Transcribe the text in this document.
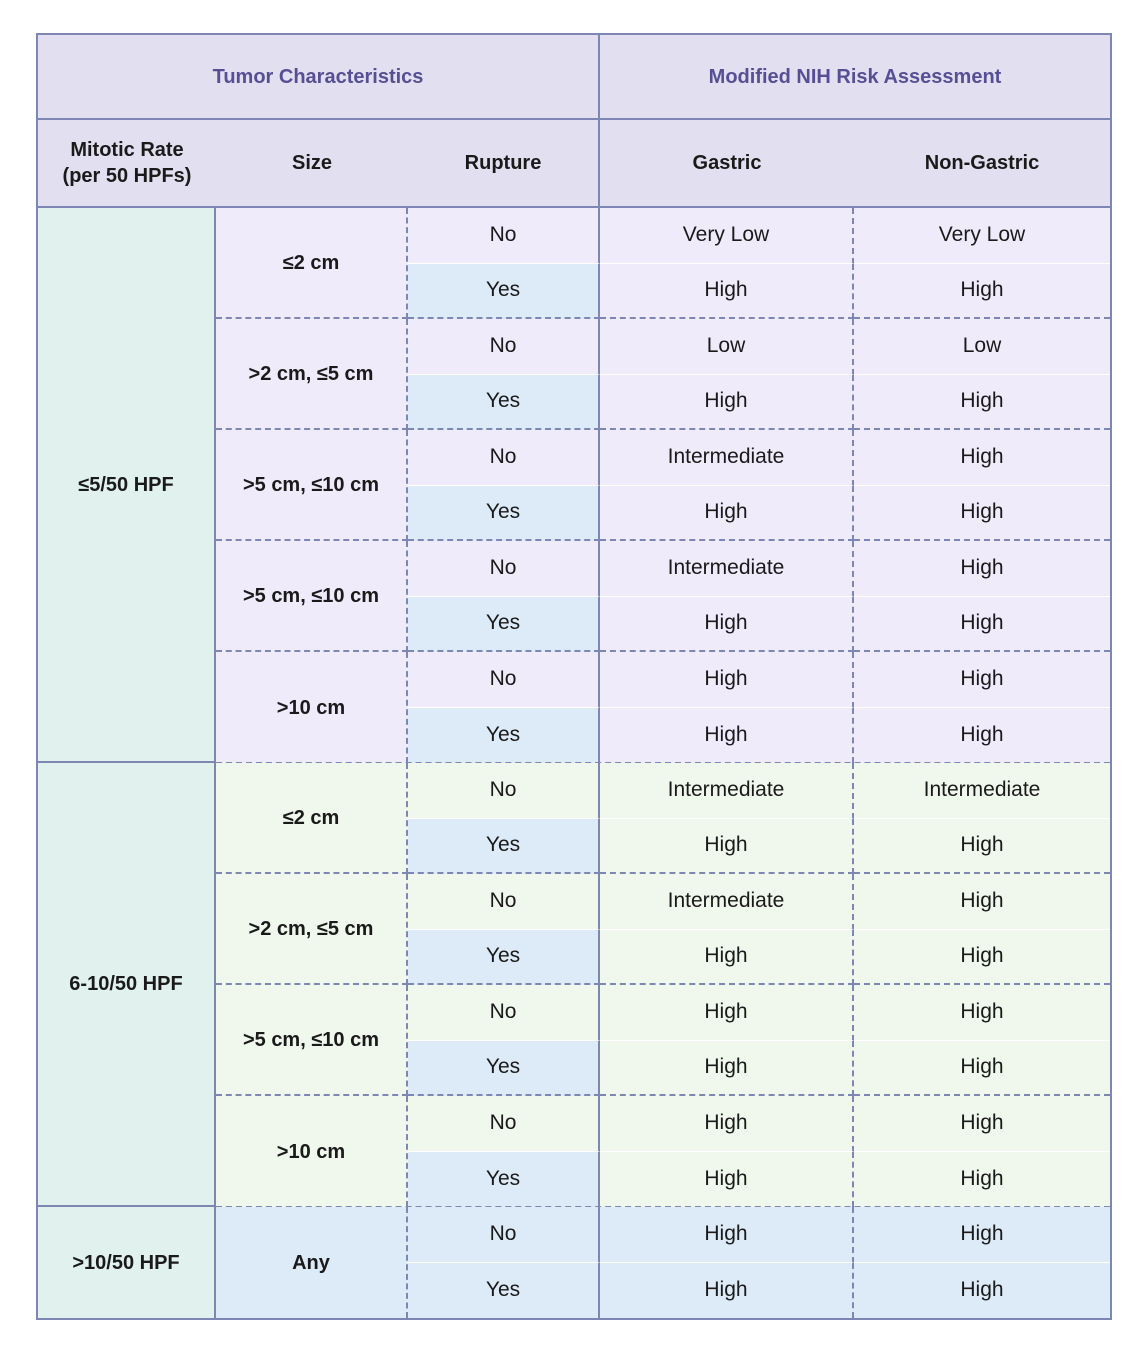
Tumor Characteristics	Modified NIH Risk Assessment
Mitotic Rate
(per 50 HPFs)
Size	Rupture	Gastric	Non-Gastric
≤5/50 HPF
≤2 cm
No	Very Low	Very Low
Yes	High	High
>2 cm, ≤5 cm
No	Low	Low
Yes	High	High
>5 cm, ≤10 cm
No	Intermediate	High
Yes	High	High
>5 cm, ≤10 cm
No	Intermediate	High
Yes	High	High
>10 cm
No	High	High
Yes	High	High
6-10/50 HPF
≤2 cm
No	Intermediate	Intermediate
Yes	High	High
>2 cm, ≤5 cm
No	Intermediate	High
Yes	High	High
>5 cm, ≤10 cm
No	High	High
Yes	High	High
>10 cm
No	High	High
Yes	High	High
>10/50 HPF	Any
No	High	High
Yes	High	High
